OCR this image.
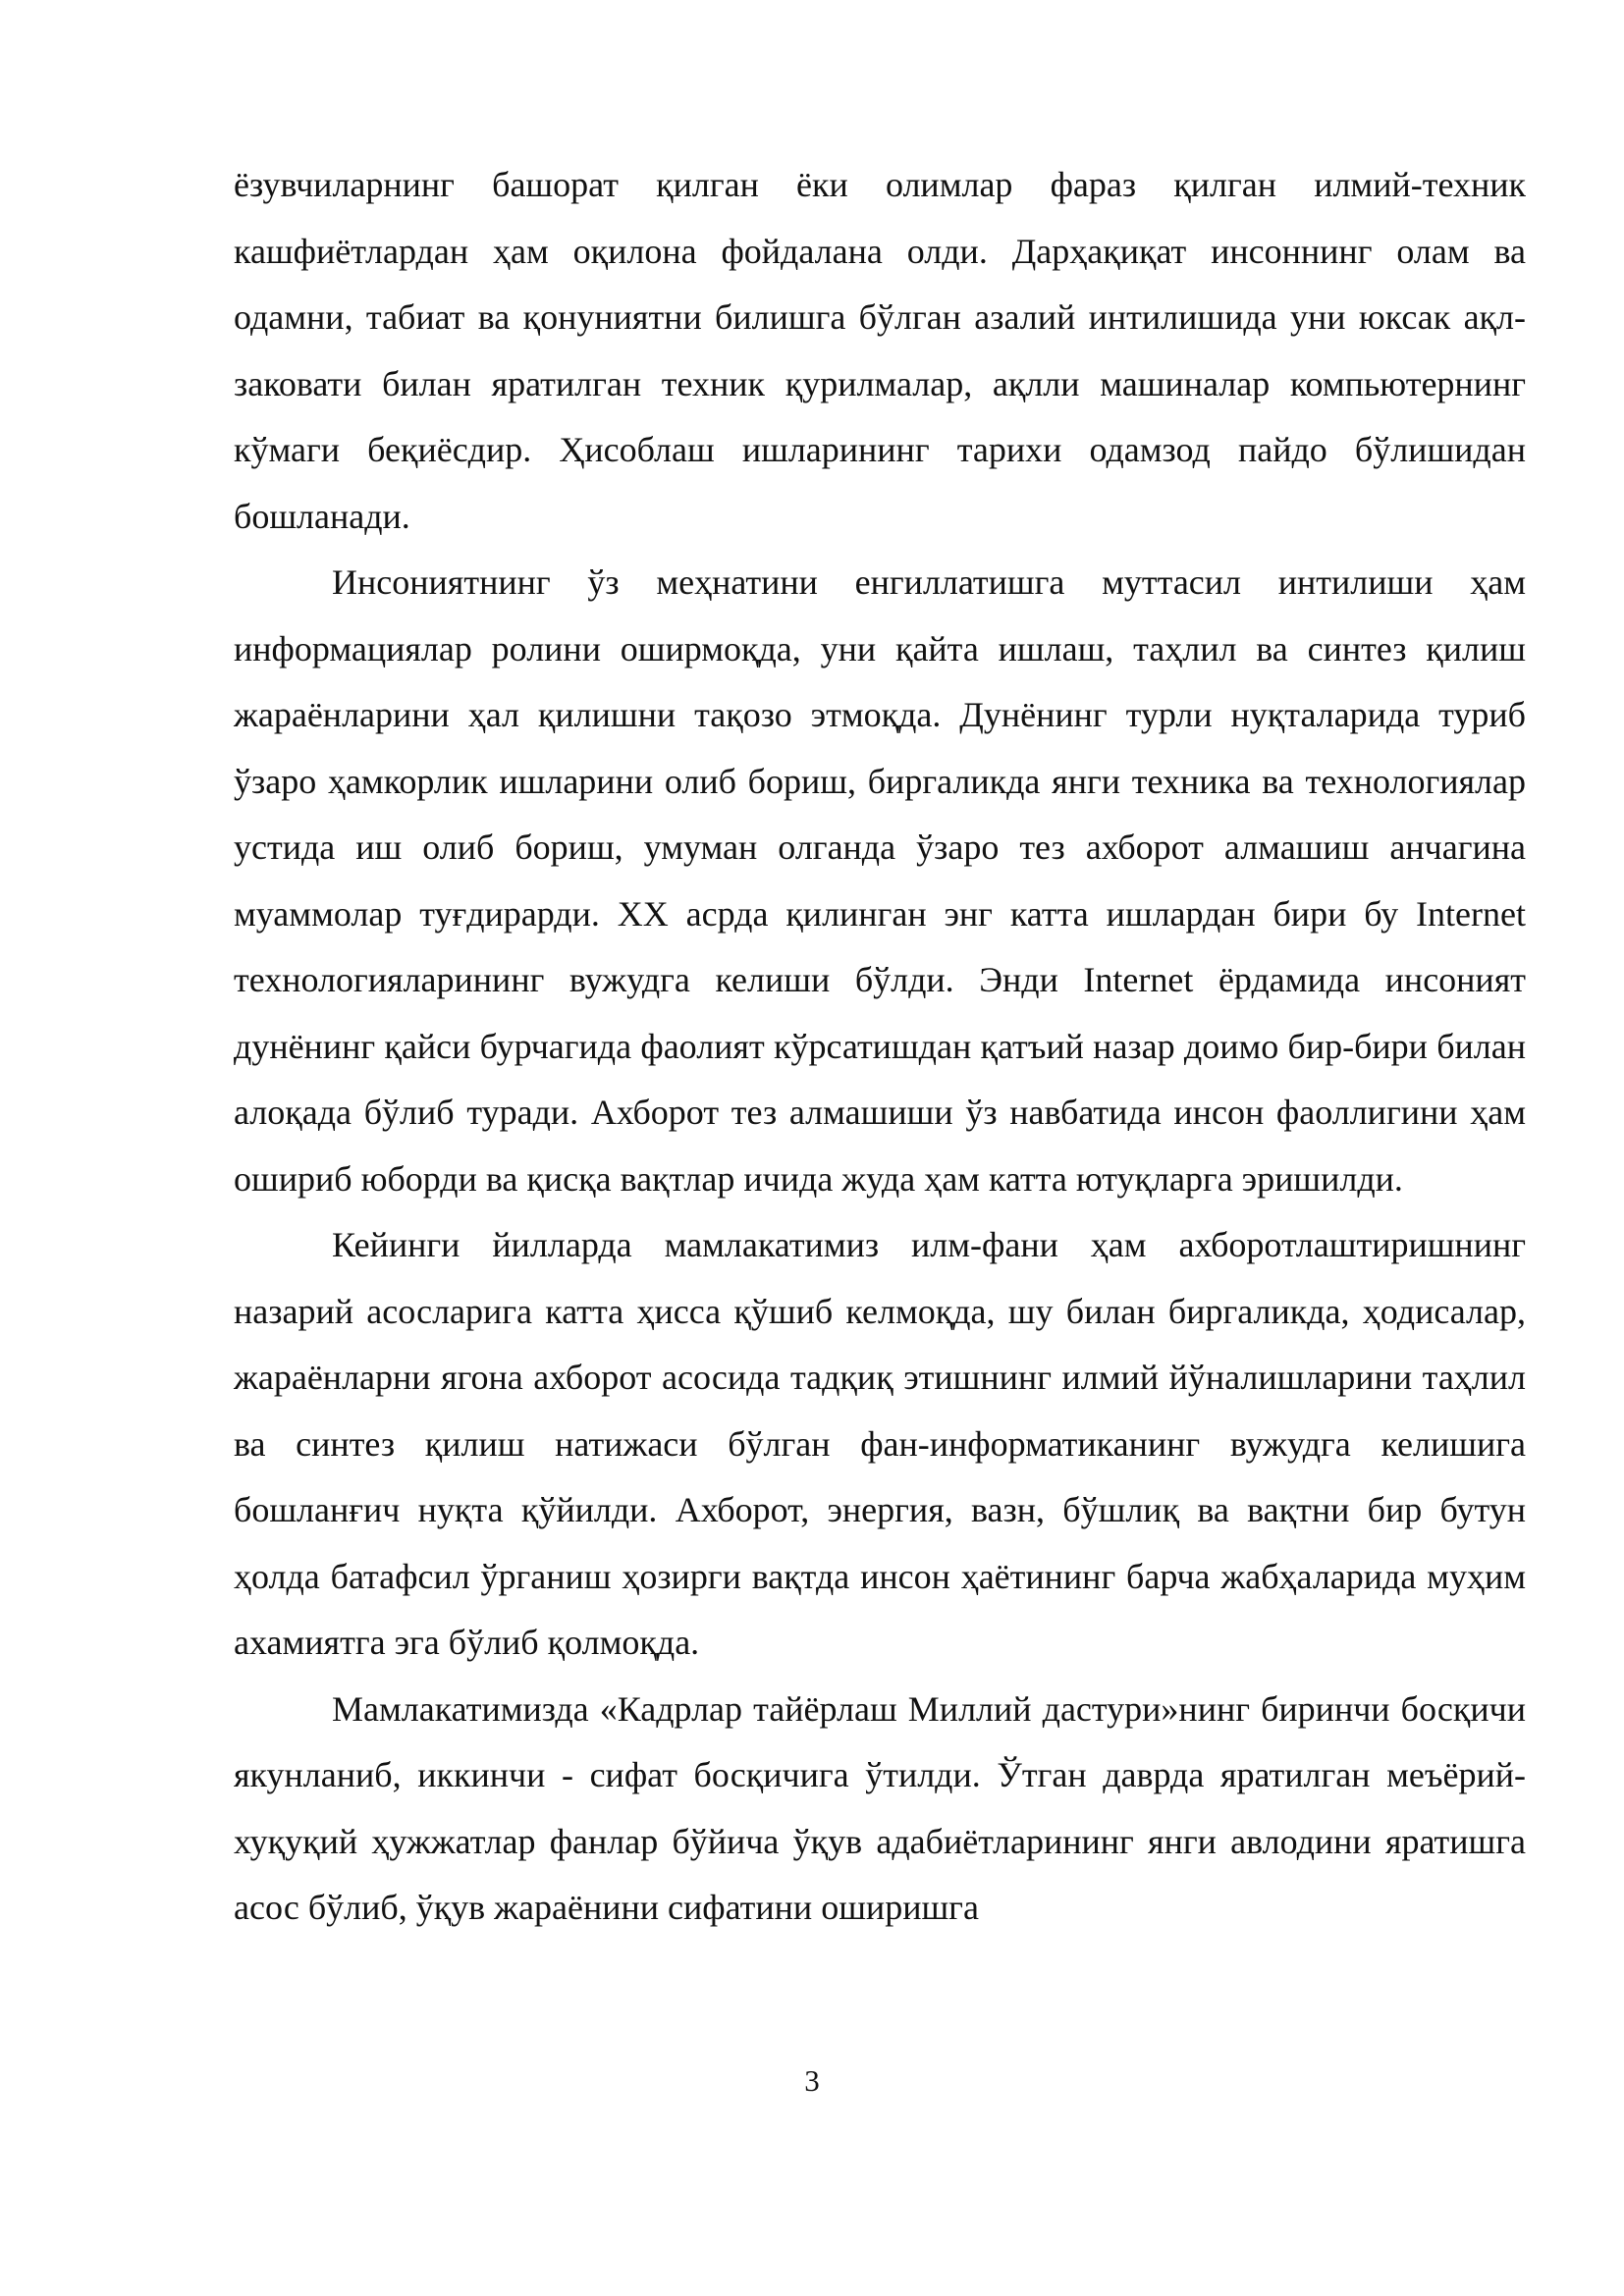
ёзувчиларнинг башорат қилган ёки олимлар фараз қилган илмий-техник кашфиётлардан ҳам оқилона фойдалана олди. Дарҳақиқат инсоннинг олам ва одамни, табиат ва қонуниятни билишга бўлган азалий интилишида уни юксак ақл-заковати билан яратилган техник қурилмалар, ақлли машиналар компьютернинг кўмаги беқиёсдир. Ҳисоблаш ишларининг тарихи одамзод пайдо бўлишидан бошланади.

Инсониятнинг ўз меҳнатини енгиллатишга муттасил интилиши ҳам информациялар ролини оширмоқда, уни қайта ишлаш, таҳлил ва синтез қилиш жараёнларини ҳал қилишни тақозо этмоқда. Дунёнинг турли нуқталарида туриб ўзаро ҳамкорлик ишларини олиб бориш, биргаликда янги техника ва технологиялар устида иш олиб бориш, умуман олганда ўзаро тез ахборот алмашиш анчагина муаммолар туғдирарди. XX асрда қилинган энг катта ишлардан бири бу Internet технологияларининг вужудга келиши бўлди. Энди Internet ёрдамида инсоният дунёнинг қайси бурчагида фаолият кўрсатишдан қатъий назар доимо бир-бири билан алоқада бўлиб туради. Ахборот тез алмашиши ўз навбатида инсон фаоллигини ҳам ошириб юборди ва қисқа вақтлар ичида жуда ҳам катта ютуқларга эришилди.

Кейинги йилларда мамлакатимиз илм-фани ҳам ахборотлаштиришнинг назарий асосларига катта ҳисса қўшиб келмоқда, шу билан биргаликда, ҳодисалар, жараёнларни ягона ахборот асосида тадқиқ этишнинг илмий йўналишларини таҳлил ва синтез қилиш натижаси бўлган фан-информатиканинг вужудга келишига бошланғич нуқта қўйилди. Ахборот, энергия, вазн, бўшлиқ ва вақтни бир бутун ҳолда батафсил ўрганиш ҳозирги вақтда инсон ҳаётининг барча жабҳаларида муҳим ахамиятга эга бўлиб қолмоқда.

Мамлакатимизда «Кадрлар тайёрлаш Миллий дастури»нинг биринчи босқичи якунланиб, иккинчи - сифат босқичига ўтилди. Ўтган даврда яратилган меъёрий-хуқуқий ҳужжатлар фанлар бўйича ўқув адабиётларининг янги авлодини яратишга асос бўлиб, ўқув жараёнини сифатини оширишга

3
